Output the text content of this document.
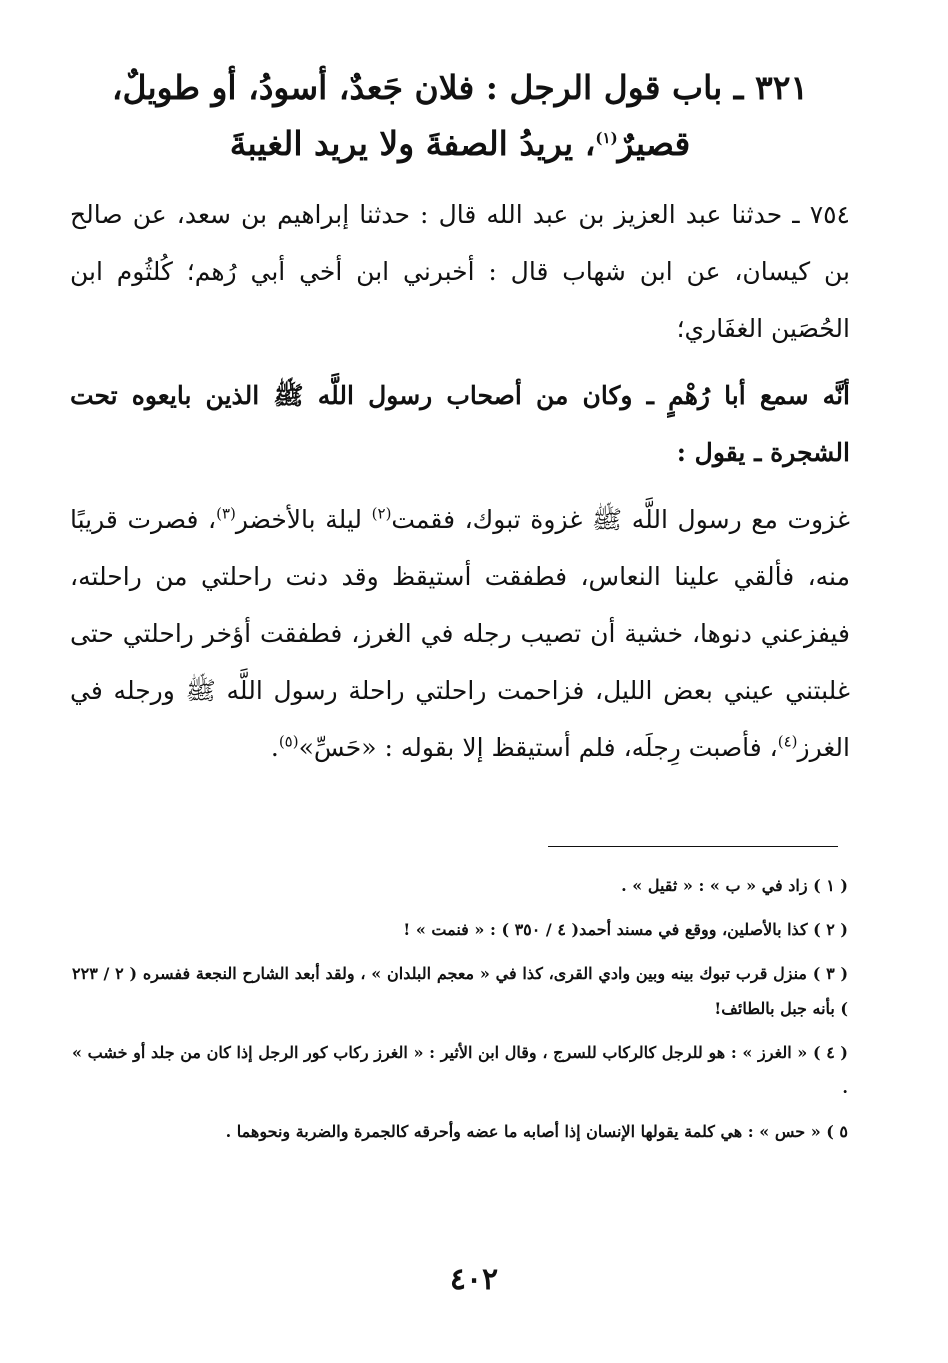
٣٢١ ـ باب قول الرجل : فلان جَعدٌ، أسودُ، أو طويلٌ،
قصيرٌ$^{(١)}$، يريدُ الصفةَ ولا يريد الغيبةَ

٧٥٤ ـ حدثنا عبد العزيز بن عبد الله قال : حدثنا إبراهيم بن سعد، عن صالح بن كيسان، عن ابن شهاب قال : أخبرني ابن أخي أبي رُهم؛ كُلثُوم ابن الحُصَين الغفَاري؛

أنَّه سمع أبا رُهْمٍ ـ وكان من أصحاب رسول اللَّه ﷺ الذين بايعوه تحت الشجرة ـ يقول :

غزوت مع رسول اللَّه ﷺ غزوة تبوك، فقمت$^{(٢)}$ ليلة بالأخضر$^{(٣)}$، فصرت قريبًا منه، فألقي علينا النعاس، فطفقت أستيقظ وقد دنت راحلتي من راحلته، فيفزعني دنوها، خشية أن تصيب رجله في الغرز، فطفقت أؤخر راحلتي حتى غلبتني عيني بعض الليل، فزاحمت راحلتي راحلة رسول اللَّه ﷺ ورجله في الغرز$^{(٤)}$، فأصبت رِجلَه، فلم أستيقظ إلا بقوله : «حَسِّ»$^{(٥)}$.

( ١ ) زاد في « ب » : « ثقيل » .

( ٢ ) كذا بالأصلين، ووقع في مسند أحمد( ٤ / ٣٥٠ ) : « فنمت » !

( ٣ ) منزل قرب تبوك بينه وبين وادي القرى، كذا في « معجم البلدان » ، ولقد أبعد الشارح النجعة ففسره ( ٢ / ٢٢٣ ) بأنه جبل بالطائف!

( ٤ ) « الغرز » : هو للرجل كالركاب للسرج ، وقال ابن الأثير : « الغرز ركاب كور الرجل إذا كان من جلد أو خشب » .

٥ ) « حس » : هي كلمة يقولها الإنسان إذا أصابه ما عضه وأحرقه كالجمرة والضربة ونحوهما .

٤٠٢
